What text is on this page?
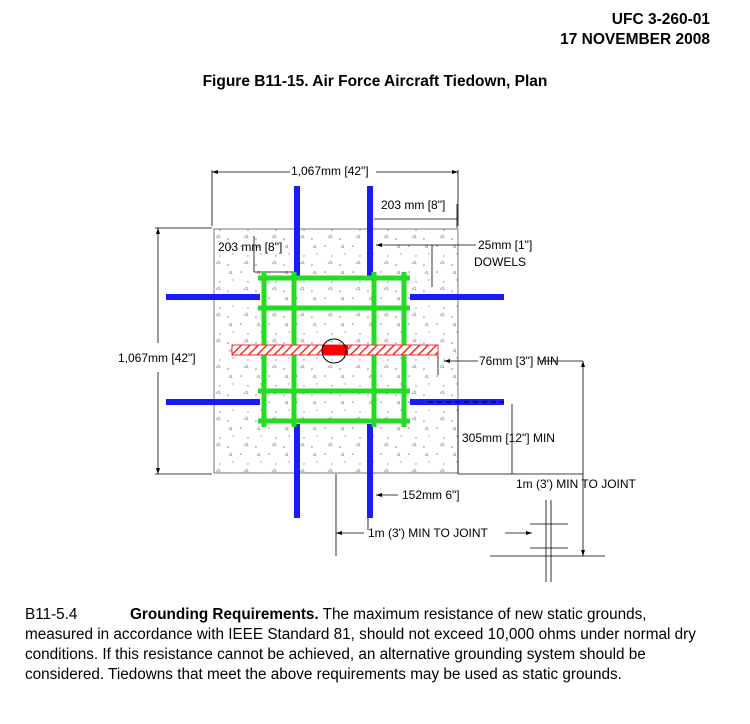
UFC 3-260-01
17 NOVEMBER 2008
Figure B11-15. Air Force Aircraft Tiedown, Plan
1,067mm [42"]
203 mm [8"]
203 mm [8"]	25mm [1"]
DOWELS
1,067mm [42"]	76mm [3"] MIN
305mm [12"] MIN
152mm 6"]
1m (3') MIN TO JOINT
1m (3') MIN TO JOINT
B11-5.4	Grounding Requirements. The maximum resistance of new static grounds, measured in accordance with IEEE Standard 81, should not exceed 10,000 ohms under normal dry conditions. If this resistance cannot be achieved, an alternative grounding system should be considered. Tiedowns that meet the above requirements may be used as static grounds.
